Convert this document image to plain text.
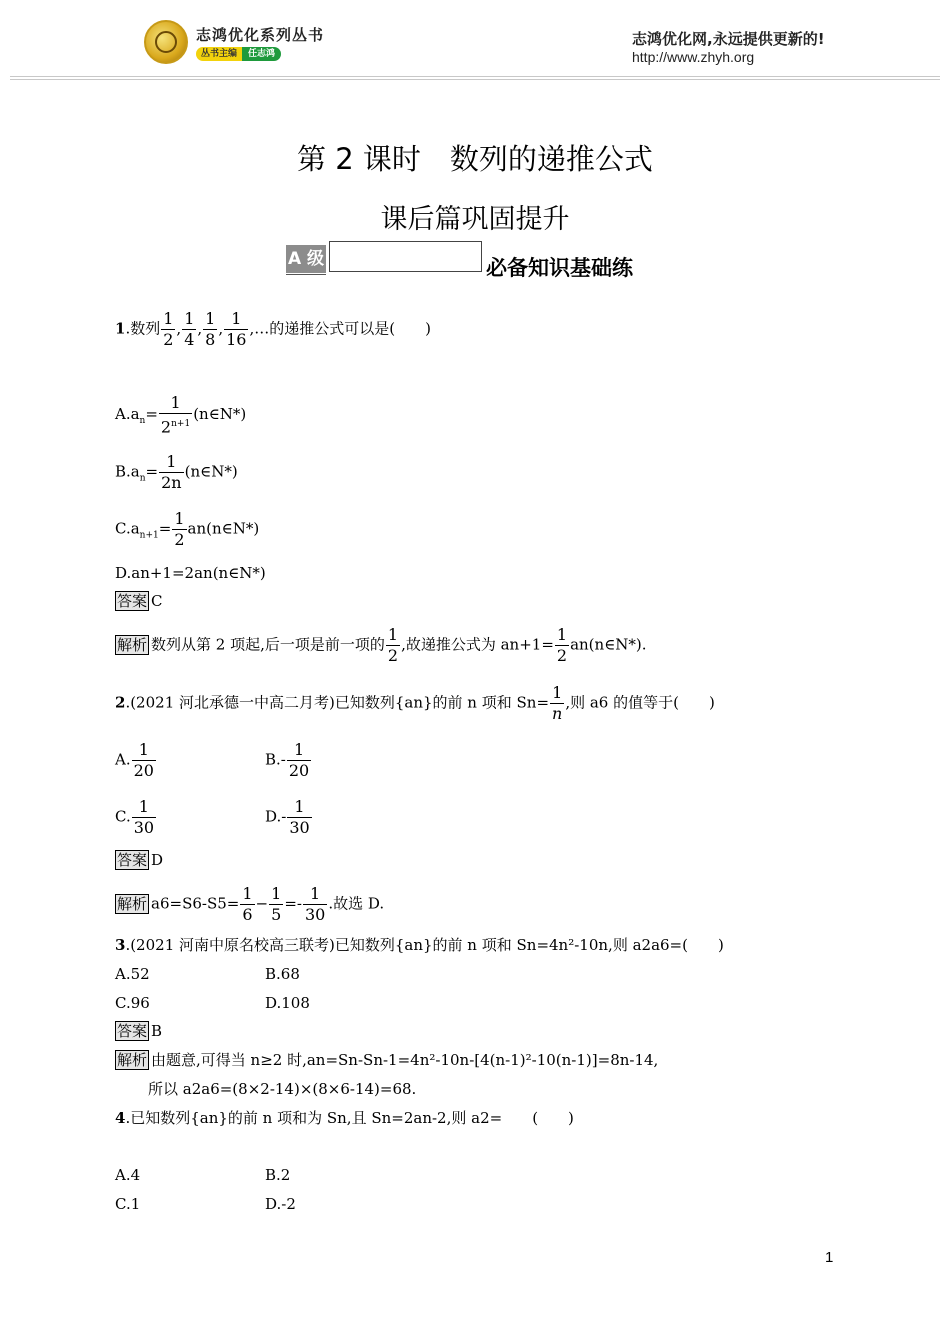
志鸿优化系列丛书
丛书主编	任志鸿
志鸿优化网,永远提供更新的!
http://www.zhyh.org
第 2 课时　数列的递推公式
课后篇巩固提升
A 级	必备知识基础练
1.数列 $\frac{1}{2}$ , $\frac{1}{4}$ , $\frac{1}{8}$ , $\frac{1}{16}$ ,…的递推公式可以是(　　)
$A.a_n= \frac{1}{2^{n+1}}$ (n∈N*)
$B.a_n= \frac{1}{2n}$ (n∈N*)
$C.a_{n+1}= \frac{1}{2}$ an(n∈N*)
D.an+1=2an(n∈N*)
答案 C
解析 数列从第 2 项起,后一项是前一项的 $\frac{1}{2}$ ,故递推公式为 $an+1= \frac{1}{2}$ an(n∈N*).
2.(2021 河北承德一中高二月考)已知数列{an}的前 n 项和 $Sn= \frac{1}{n}$ ,则 a6 的值等于(　　)
A. $\frac{1}{20}$	$B.- \frac{1}{20}$
C. $\frac{1}{30}$	$D.- \frac{1}{30}$
答案 D
解析 $a6=S6-S5= \frac{1}{6} - \frac{1}{5} =- \frac{1}{30}$ .故选 D.
3.(2021 河南中原名校高三联考)已知数列{an}的前 n 项和 Sn=4n²-10n,则 a2a6=(　　)
A.52	B.68
C.96	D.108
答案 B
解析 由题意,可得当 n≥2 时,an=Sn-Sn-1=4n²-10n-[4(n-1)²-10(n-1)]=8n-14,
所以 a2a6=(8×2-14)×(8×6-14)=68.
4.已知数列{an}的前 n 项和为 Sn,且 Sn=2an-2,则 a2=　　(　　)
A.4	B.2
C.1	D.-2
1
